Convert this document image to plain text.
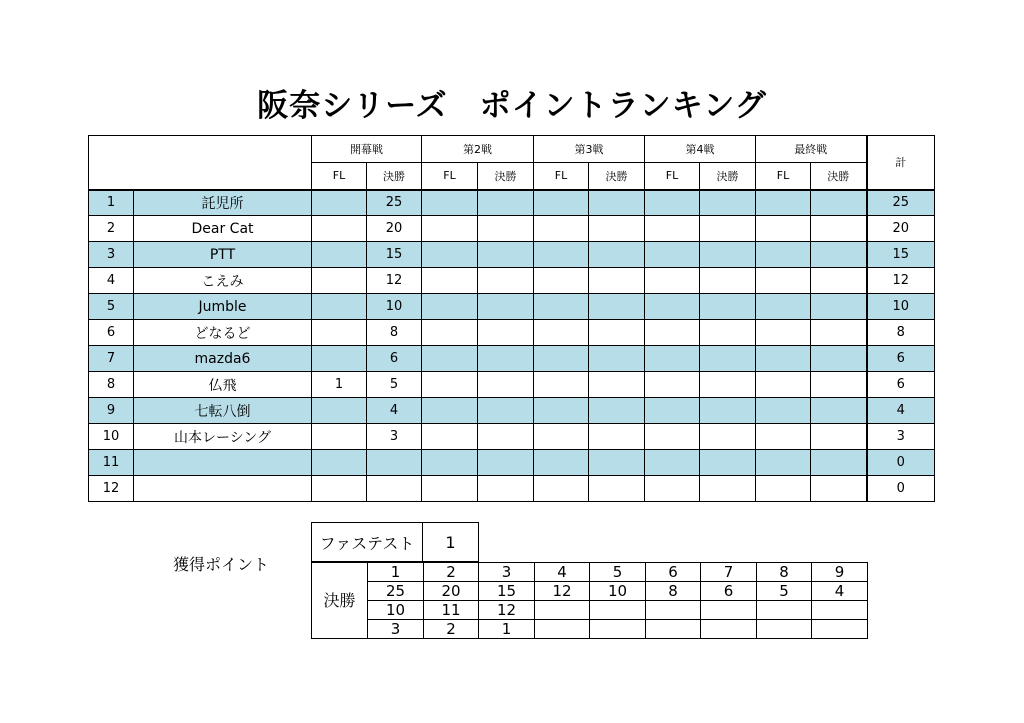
阪奈シリーズ　ポイントランキング
		開幕戦		第2戦		第3戦		第4戦		最終戦		計
		FL	決勝	FL	決勝	FL	決勝	FL	決勝	FL	決勝	
1	託児所		25									25
2	Dear Cat		20									20
3	PTT		15									15
4	こえみ		12									12
5	Jumble		10									10
6	どなるど		8									8
7	mazda6		6									6
8	仏飛	1	5									6
9	七転八倒		4									4
10	山本レーシング		3									3
11												0
12												0
獲得ポイント
ファステスト	1
決勝	1	2	3	4	5	6	7	8	9
	25	20	15	12	10	8	6	5	4
	10	11	12						
	3	2	1						
